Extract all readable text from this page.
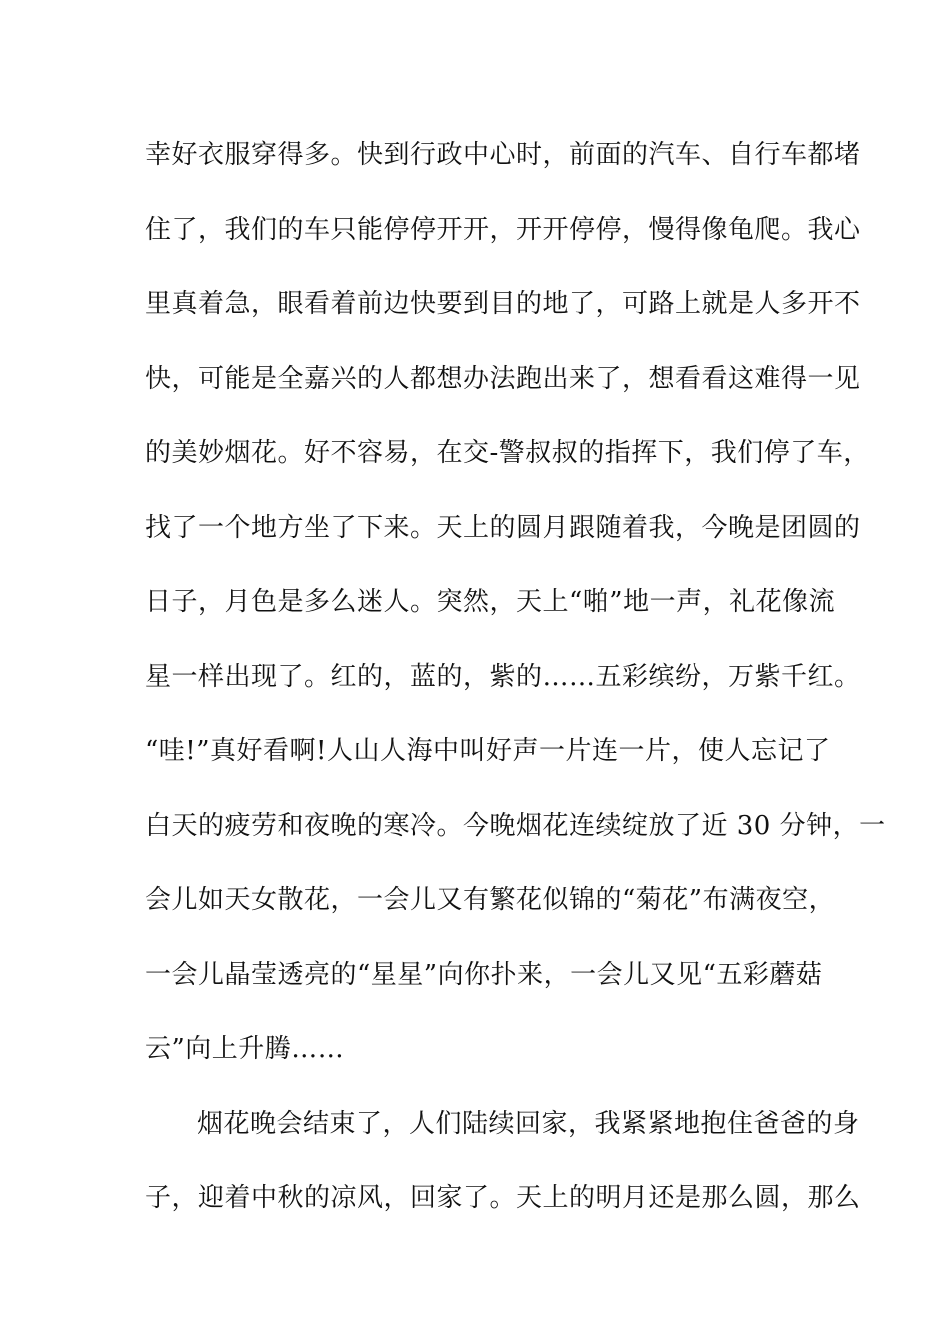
幸好衣服穿得多。快到行政中心时，前面的汽车、自行车都堵
住了，我们的车只能停停开开，开开停停，慢得像龟爬。我心
里真着急，眼看着前边快要到目的地了，可路上就是人多开不
快，可能是全嘉兴的人都想办法跑出来了，想看看这难得一见
的美妙烟花。好不容易，在交-警叔叔的指挥下，我们停了车，
找了一个地方坐了下来。天上的圆月跟随着我，今晚是团圆的
日子，月色是多么迷人。突然，天上“啪”地一声，礼花像流
星一样出现了。红的，蓝的，紫的……五彩缤纷，万紫千红。
“哇!”真好看啊!人山人海中叫好声一片连一片，使人忘记了
白天的疲劳和夜晚的寒冷。今晚烟花连续绽放了近 30 分钟，一
会儿如天女散花，一会儿又有繁花似锦的“菊花”布满夜空，
一会儿晶莹透亮的“星星”向你扑来，一会儿又见“五彩蘑菇
云”向上升腾……
烟花晚会结束了，人们陆续回家，我紧紧地抱住爸爸的身
子，迎着中秋的凉风，回家了。天上的明月还是那么圆，那么
